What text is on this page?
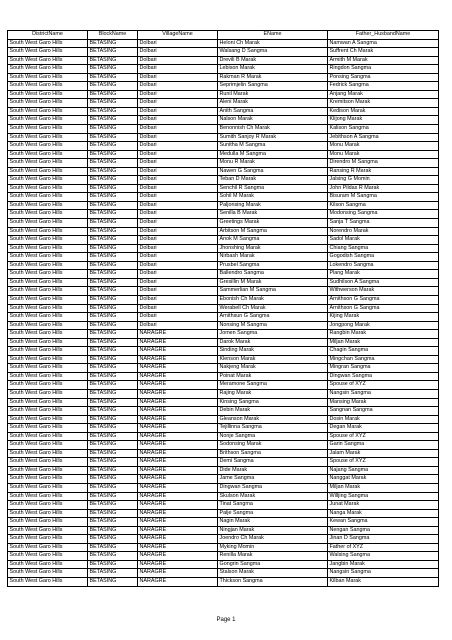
DistrictName	BlockName	VillageName	EName	Father_HusbandName
South West Garo Hills	BETASING	Dolbari	Heloni Ch Marak	Namwan A Sangma
South West Garo Hills	BETASING	Dolbari	Walsang D Sangma	Suffrent Ch Marak
South West Garo Hills	BETASING	Dolbari	Drevili B Marak	Armith M Marak
South West Garo Hills	BETASING	Dolbari	Lebison Marak	Ringdon Sangma
South West Garo Hills	BETASING	Dolbari	Rakman R Marak	Ponsing Sangma
South West Garo Hills	BETASING	Dolbari	Seprimjelin Sangma	Fedrick Sangma
South West Garo Hills	BETASING	Dolbari	Runil Marak	Anjang Marak
South West Garo Hills	BETASING	Dolbari	Aleni Marak	Kremitson Marak
South West Garo Hills	BETASING	Dolbari	Anith Sangma	Kedison Marak
South West Garo Hills	BETASING	Dolbari	Nalson Marak	Klijong Marak
South West Garo Hills	BETASING	Dolbari	Benonnish Ch Marak	Kalison Sangma
South West Garo Hills	BETASING	Dolbari	Sumith Sanjoy R Marak	Jebithson A Sangma
South West Garo Hills	BETASING	Dolbari	Sunitha M Sangma	Monu Marak
South West Garo Hills	BETASING	Dolbari	Medulla M Sangma	Monu Marak
South West Garo Hills	BETASING	Dolbari	Monu R Marak	Direndro M Sangma
South West Garo Hills	BETASING	Dolbari	Nawen G Sangma	Ransing R Marak
South West Garo Hills	BETASING	Dolbari	Teban D Marak	Jalsing G Momin
South West Garo Hills	BETASING	Dolbari	Senchil R Sangma	John Pildas R Marak
South West Garo Hills	BETASING	Dolbari	Sohil M Marak	Bisuram M Sangma
South West Garo Hills	BETASING	Dolbari	Paljonsing Marak	Kilson Sangma
South West Garo Hills	BETASING	Dolbari	Senilla B Marak	Modonsing Sangma
South West Garo Hills	BETASING	Dolbari	Greetings Marak	Sanja T Sangma
South West Garo Hills	BETASING	Dolbari	Arbitson M Sangma	Norendro Marak
South West Garo Hills	BETASING	Dolbari	Anok M Sangma	Sadol Marak
South West Garo Hills	BETASING	Dolbari	Jhonshing Marak	Chiang Sangma
South West Garo Hills	BETASING	Dolbari	Nirbash Marak	Gogodish Sangma
South West Garo Hills	BETASING	Dolbari	Prusbel Sangma	Lokendro Sangma
South West Garo Hills	BETASING	Dolbari	Ballendro Sangma	Plang Marak
South West Garo Hills	BETASING	Dolbari	Gresillin M Marak	Sudhilson A Sangma
South West Garo Hills	BETASING	Dolbari	Sammerlian M Sangma	Withwerson Marak
South West Garo Hills	BETASING	Dolbari	Ebonish Ch Marak	Arnithson G Sangma
South West Garo Hills	BETASING	Dolbari	Werabell Ch Marak	Arnithson G Sangma
South West Garo Hills	BETASING	Dolbari	Arnithsun G Sangma	Kijing Marak
South West Garo Hills	BETASING	Dolbari	Nonsing M Sangma	Jongpong Marak
South West Garo Hills	BETASING	NARAGRE	Jomen Sangma	Rangbin Marak
South West Garo Hills	BETASING	NARAGRE	Darok Marak	Miljan Marak
South West Garo Hills	BETASING	NARAGRE	Sinding Marak	Chagin Sangma
South West Garo Hills	BETASING	NARAGRE	Klenson Marak	Mingchan Sangma
South West Garo Hills	BETASING	NARAGRE	Nakjeng Marak	Mingran Sangma
South West Garo Hills	BETASING	NARAGRE	Poinat Marak	Dingwan Sangma
South West Garo Hills	BETASING	NARAGRE	Meramone Sangma	Spouse of XYZ
South West Garo Hills	BETASING	NARAGRE	Rajing Marak	Nangsin Sangma
South West Garo Hills	BETASING	NARAGRE	Kinsing Sangma	Mansing Marak
South West Garo Hills	BETASING	NARAGRE	Debin Marak	Sangnan Sangma
South West Garo Hills	BETASING	NARAGRE	Gleanson Marak	Dosin Marak
South West Garo Hills	BETASING	NARAGRE	Tejillinna Sangma	Degan Marak
South West Garo Hills	BETASING	NARAGRE	Nonje Sangma	Spouse of XYZ
South West Garo Hills	BETASING	NARAGRE	Sodonsing Marak	Garin Sangma
South West Garo Hills	BETASING	NARAGRE	Brithson Sangma	Jalam Marak
South West Garo Hills	BETASING	NARAGRE	Demi Sangma	Spouse of XYZ
South West Garo Hills	BETASING	NARAGRE	Dide Marak	Najang Sangma
South West Garo Hills	BETASING	NARAGRE	Jame Sangma	Nanggat Marak
South West Garo Hills	BETASING	NARAGRE	Dingwan Sangma	Miljan Marak
South West Garo Hills	BETASING	NARAGRE	Skulson Marak	Willjing Sangma
South West Garo Hills	BETASING	NARAGRE	Tinat Sangma	Junat Marak
South West Garo Hills	BETASING	NARAGRE	Palje Sangma	Nanga Marak
South West Garo Hills	BETASING	NARAGRE	Nagin Marak	Kewan Sangma
South West Garo Hills	BETASING	NARAGRE	Ningjan Marak	Nengan Sangma
South West Garo Hills	BETASING	NARAGRE	Joendro Ch Marak	Jinan D Sangma
South West Garo Hills	BETASING	NARAGRE	Myking Momin	Father of XYZ
South West Garo Hills	BETASING	NARAGRE	Renilla Marak	Walsing Sangma
South West Garo Hills	BETASING	NARAGRE	Gongrin Sangma	Jangbin Marak
South West Garo Hills	BETASING	NARAGRE	Stalson Marak	Nangsin Sangma
South West Garo Hills	BETASING	NARAGRE	Thickson Sangma	Kilban Marak
Page 1
